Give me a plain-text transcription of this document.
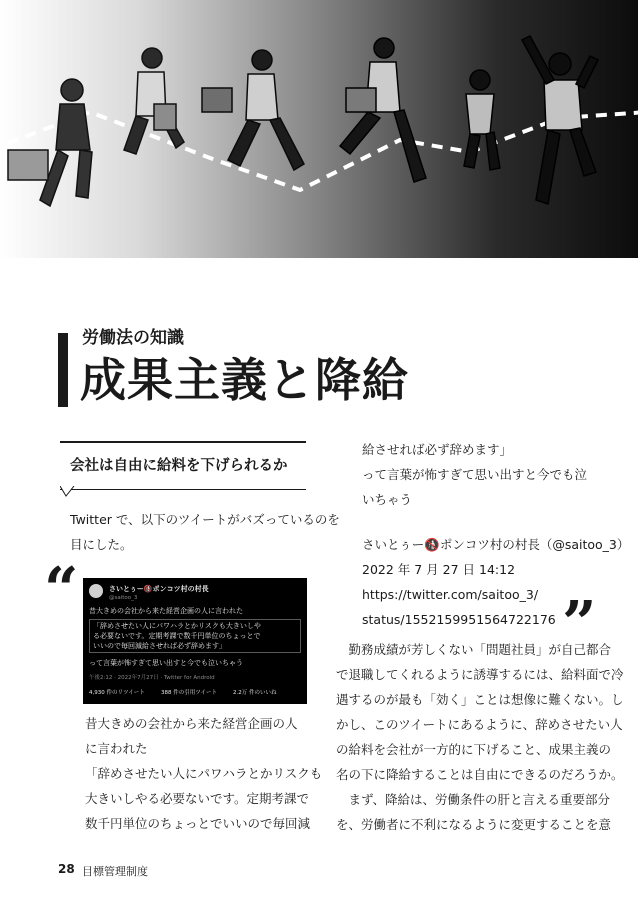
労働法の知識
成果主義と降給
会社は自由に給料を下げられるか
Twitter で、以下のツイートがバズっているのを
目にした。
“	さいとぅー🚯ポンコツ村の村長
@saitoo_3
昔大きめの会社から来た経営企画の人に言われた
「辞めさせたい人にパワハラとかリスクも大きいしや
る必要ないです。定期考課で数千円単位のちょっとで
いいので毎回減給させれば必ず辞めます」
って言葉が怖すぎて思い出すと今でも泣いちゃう
午後2:12 · 2022年7月27日 · Twitter for Android
4,930 件のリツイート	388 件の引用ツイート	2.2万 件のいいね
昔大きめの会社から来た経営企画の人
に言われた
「辞めさせたい人にパワハラとかリスクも
大きいしやる必要ないです。定期考課で
数千円単位のちょっとでいいので毎回減
給させれば必ず辞めます」
って言葉が怖すぎて思い出すと今でも泣
いちゃう
さいとぅー🚯ポンコツ村の村長（@saitoo_3）
2022 年 7 月 27 日 14:12
https://twitter.com/saitoo_3/
status/1552159951564722176 ”
　勤務成績が芳しくない「問題社員」が自己都合
で退職してくれるように誘導するには、給料面で冷
遇するのが最も「効く」ことは想像に難くない。し
かし、このツイートにあるように、辞めさせたい人
の給料を会社が一方的に下げること、成果主義の
名の下に降給することは自由にできるのだろうか。
　まず、降給は、労働条件の肝と言える重要部分
を、労働者に不利になるように変更することを意
28 目標管理制度
